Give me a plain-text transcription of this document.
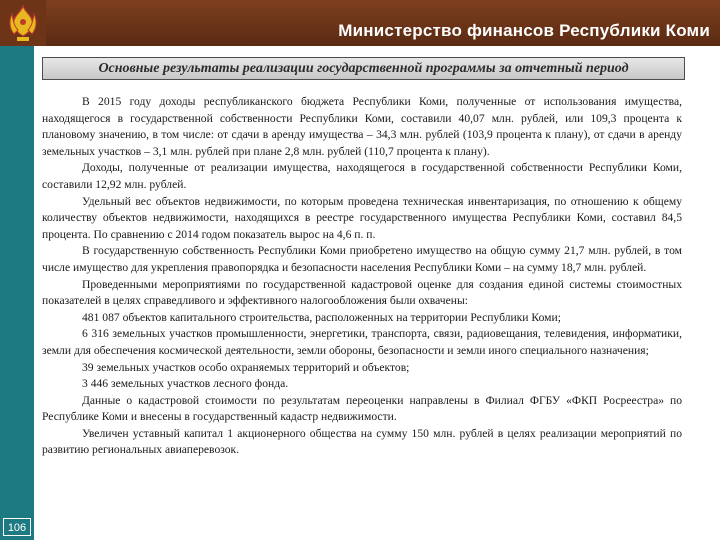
Министерство финансов Республики Коми
106
Основные результаты реализации государственной программы за отчетный период

В 2015 году доходы республиканского бюджета Республики Коми, полученные от использования имущества, находящегося в государственной собственности Республики Коми, составили 40,07 млн. рублей, или 109,3 процента к плановому значению, в том числе: от сдачи в аренду имущества – 34,3 млн. рублей (103,9 процента к плану), от сдачи в аренду земельных участков – 3,1 млн. рублей при плане 2,8 млн. рублей (110,7 процента к плану).

Доходы, полученные от реализации имущества, находящегося в государственной собственности Республики Коми, составили 12,92 млн. рублей.

Удельный вес объектов недвижимости, по которым проведена техническая инвентаризация, по отношению к общему количеству объектов недвижимости, находящихся в реестре государственного имущества Республики Коми, составил 84,5 процента. По сравнению с 2014 годом показатель вырос на 4,6 п. п.

В государственную собственность Республики Коми приобретено имущество на общую сумму 21,7 млн. рублей, в том числе имущество для укрепления правопорядка и безопасности населения Республики Коми – на сумму 18,7 млн. рублей.

Проведенными мероприятиями по государственной кадастровой оценке для создания единой системы стоимостных показателей в целях справедливого и эффективного налогообложения были охвачены:

481 087 объектов капитального строительства, расположенных на территории Республики Коми;

6 316 земельных участков промышленности, энергетики, транспорта, связи, радиовещания, телевидения, информатики, земли для обеспечения космической деятельности, земли обороны, безопасности и земли иного специального назначения;

39 земельных участков особо охраняемых территорий и объектов;

3 446 земельных участков лесного фонда.

Данные о кадастровой стоимости по результатам переоценки направлены в Филиал ФГБУ «ФКП Росреестра» по Республике Коми и внесены в государственный кадастр недвижимости.

Увеличен уставный капитал 1 акционерного общества на сумму 150 млн. рублей в целях реализации мероприятий по развитию региональных авиаперевозок.
